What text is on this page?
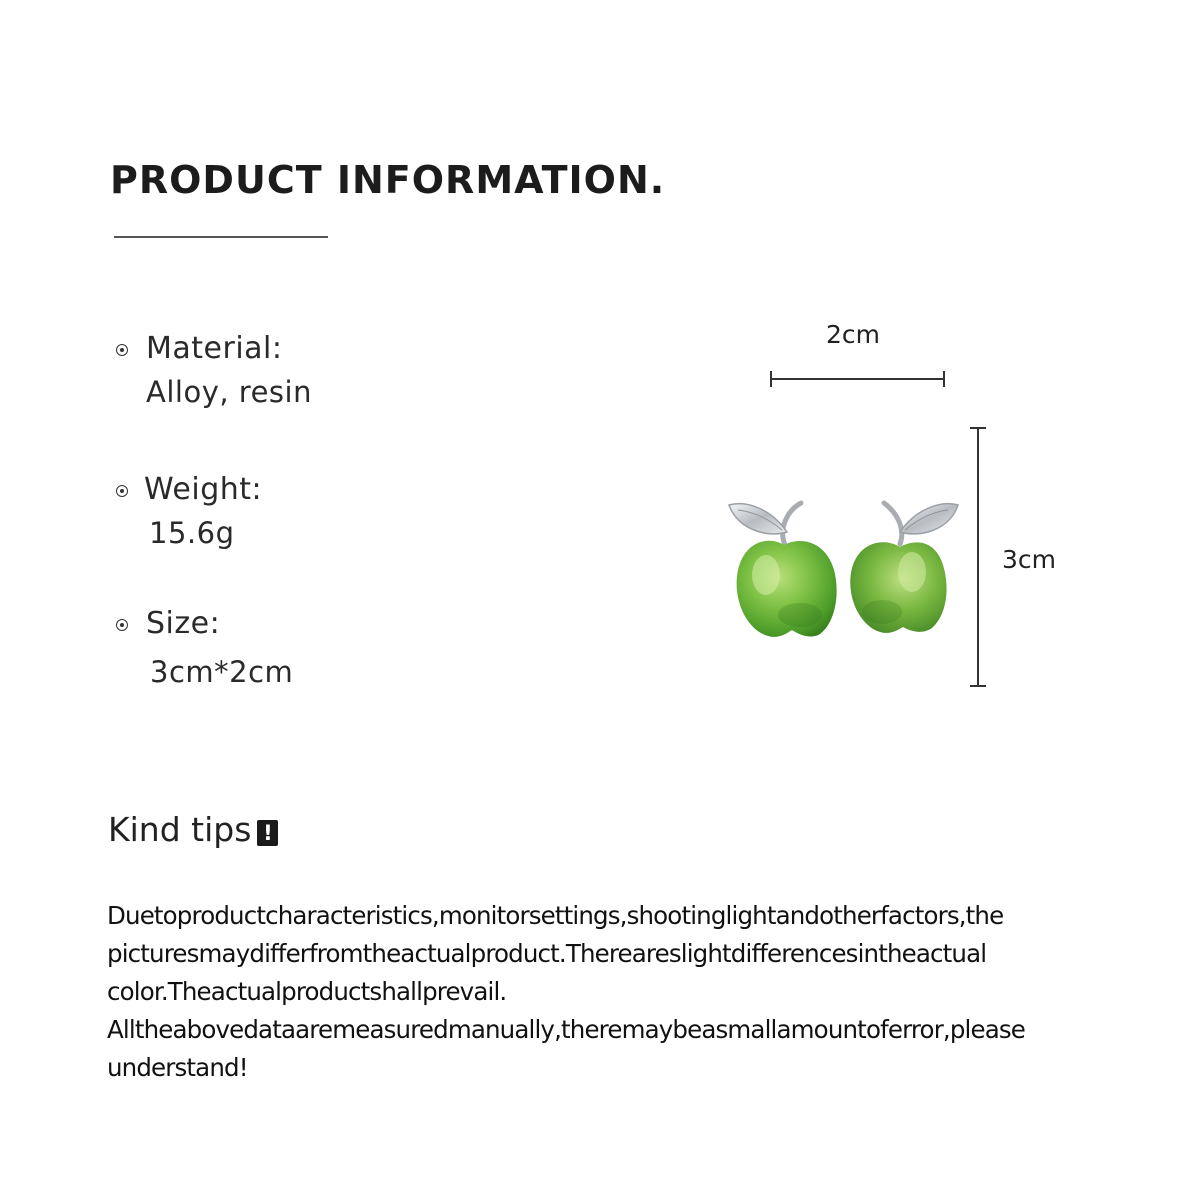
PRODUCT INFORMATION.
Material:
Alloy, resin
Weight:
15.6g
Size:
3cm*2cm
2cm
3cm
Kind tips !
Duetoproductcharacteristics,monitorsettings,shootinglightandotherfactors,the
picturesmaydifferfromtheactualproduct.Thereareslightdifferencesintheactual
color.Theactualproductshallprevail.
Alltheabovedataaremeasuredmanually,theremaybeasmallamountoferror,please
understand!
